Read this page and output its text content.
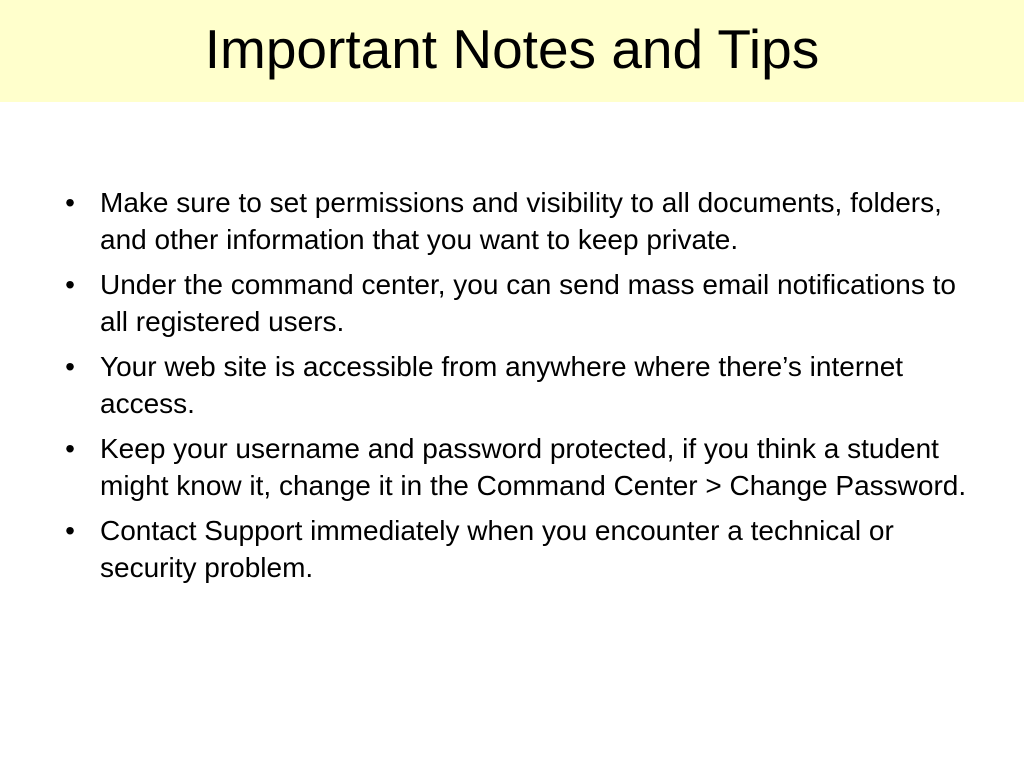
Important Notes and Tips
• Make sure to set permissions and visibility to all documents, folders, and other information that you want to keep private.
• Under the command center, you can send mass email notifications to all registered users.
• Your web site is accessible from anywhere where there’s internet access.
• Keep your username and password protected, if you think a student might know it, change it in the Command Center > Change Password.
• Contact Support immediately when you encounter a technical or security problem.
